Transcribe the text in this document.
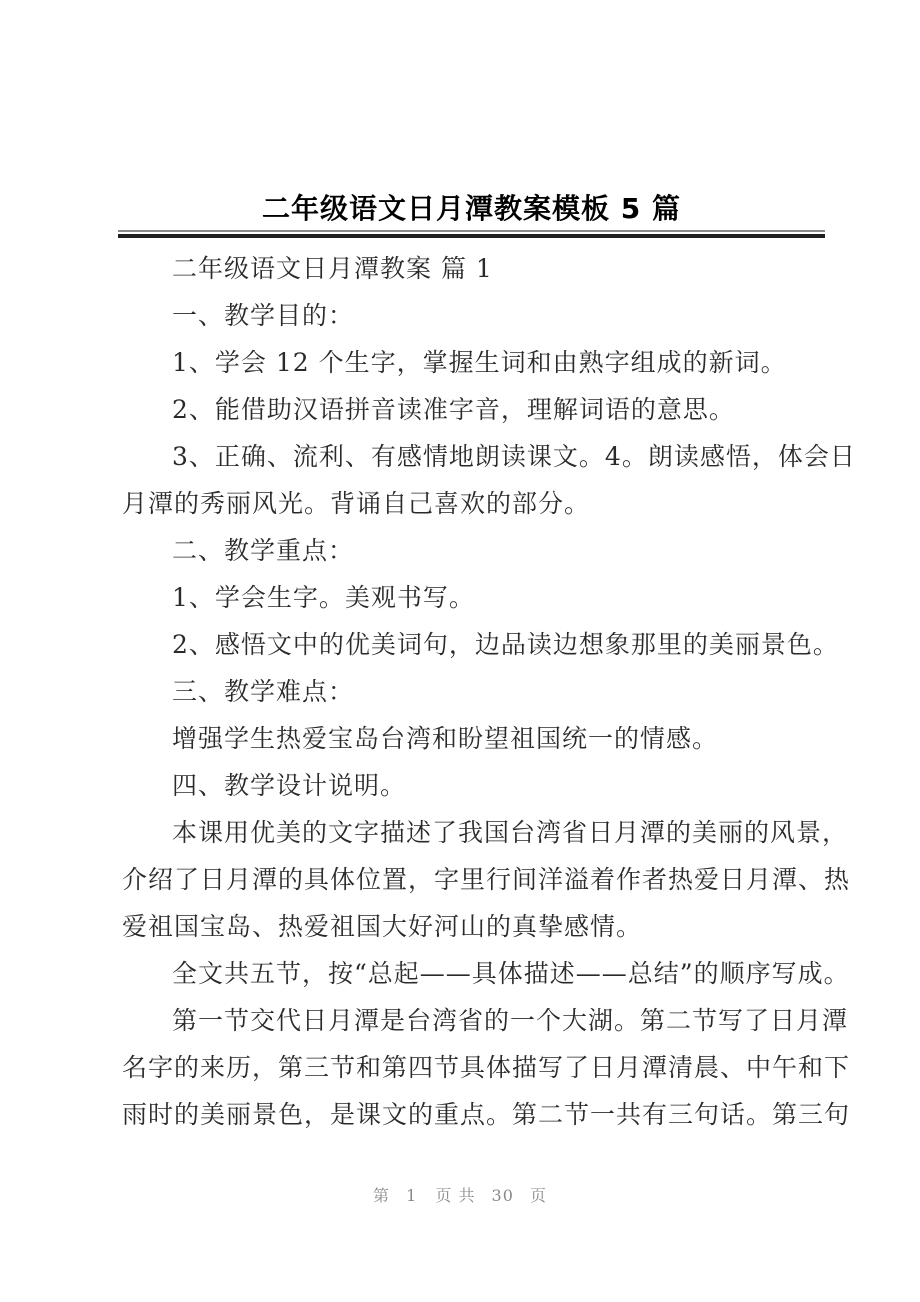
二年级语文日月潭教案模板 5 篇
二年级语文日月潭教案 篇 1
一、教学目的：
1、学会 12 个生字，掌握生词和由熟字组成的新词。
2、能借助汉语拼音读准字音，理解词语的意思。
3、正确、流利、有感情地朗读课文。4。朗读感悟，体会日
月潭的秀丽风光。背诵自己喜欢的部分。
二、教学重点：
1、学会生字。美观书写。
2、感悟文中的优美词句，边品读边想象那里的美丽景色。
三、教学难点：
增强学生热爱宝岛台湾和盼望祖国统一的情感。
四、教学设计说明。
本课用优美的文字描述了我国台湾省日月潭的美丽的风景，
介绍了日月潭的具体位置，字里行间洋溢着作者热爱日月潭、热
爱祖国宝岛、热爱祖国大好河山的真挚感情。
全文共五节，按“总起——具体描述——总结”的顺序写成。
第一节交代日月潭是台湾省的一个大湖。第二节写了日月潭
名字的来历，第三节和第四节具体描写了日月潭清晨、中午和下
雨时的美丽景色，是课文的重点。第二节一共有三句话。第三句
第 1 页 共 30 页
